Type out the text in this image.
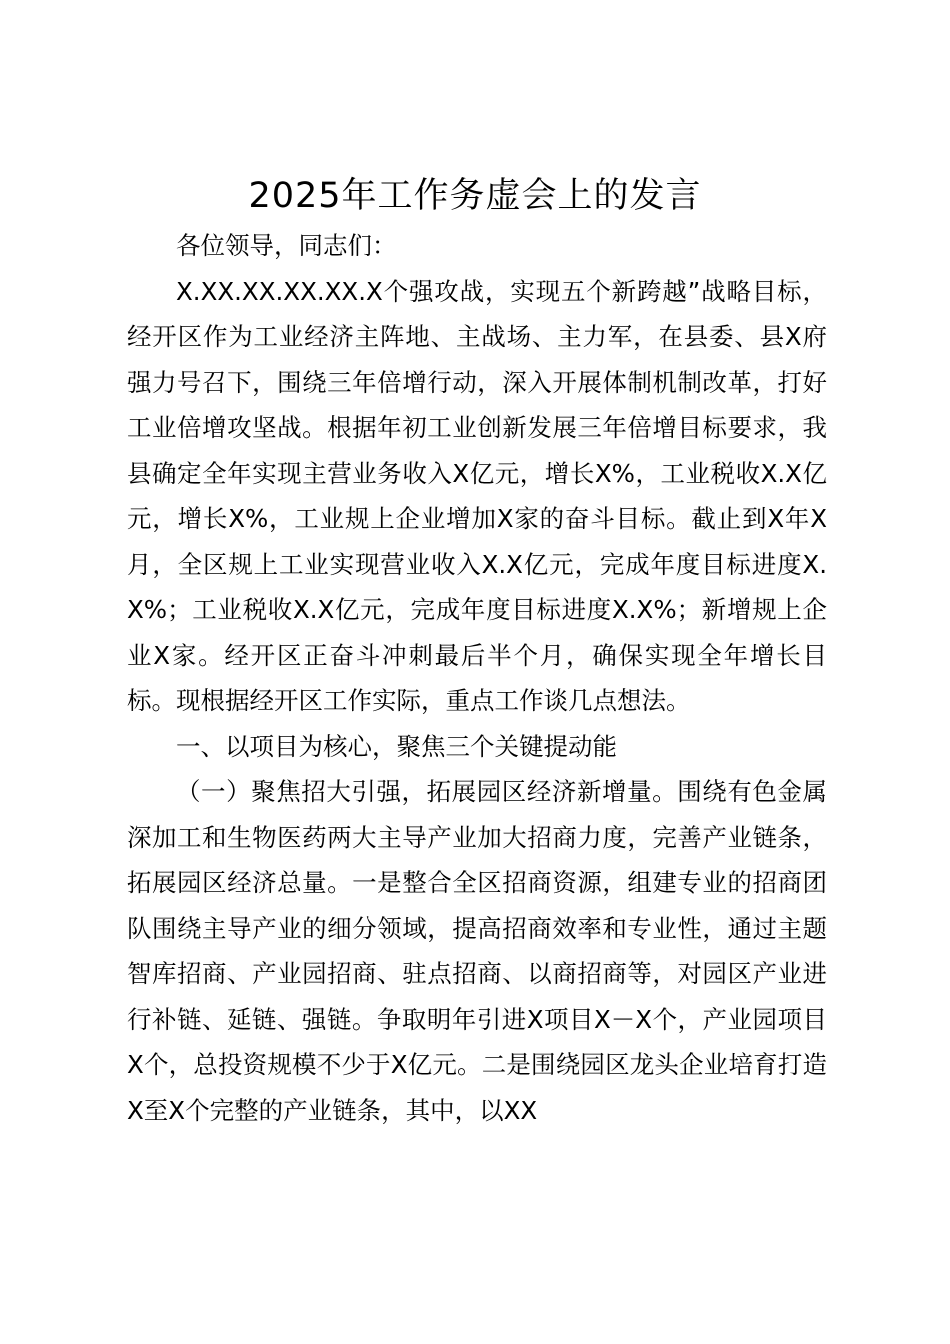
2025年工作务虚会上的发言

各位领导，同志们：

X.XX.XX.XX.XX.X个强攻战，实现五个新跨越”战略目标，经开区作为工业经济主阵地、主战场、主力军，在县委、县X府强力号召下，围绕三年倍增行动，深入开展体制机制改革，打好工业倍增攻坚战。根据年初工业创新发展三年倍增目标要求，我县确定全年实现主营业务收入X亿元，增长X%，工业税收X.X亿元，增长X%，工业规上企业增加X家的奋斗目标。截止到X年X月，全区规上工业实现营业收入X.X亿元，完成年度目标进度X.X%；工业税收X.X亿元，完成年度目标进度X.X%；新增规上企业X家。经开区正奋斗冲刺最后半个月，确保实现全年增长目标。现根据经开区工作实际，重点工作谈几点想法。

一、以项目为核心，聚焦三个关键提动能

（一）聚焦招大引强，拓展园区经济新增量。围绕有色金属深加工和生物医药两大主导产业加大招商力度，完善产业链条，拓展园区经济总量。一是整合全区招商资源，组建专业的招商团队围绕主导产业的细分领域，提高招商效率和专业性，通过主题智库招商、产业园招商、驻点招商、以商招商等，对园区产业进行补链、延链、强链。争取明年引进X项目X－X个，产业园项目X个，总投资规模不少于X亿元。二是围绕园区龙头企业培育打造X至X个完整的产业链条，其中，以XX
